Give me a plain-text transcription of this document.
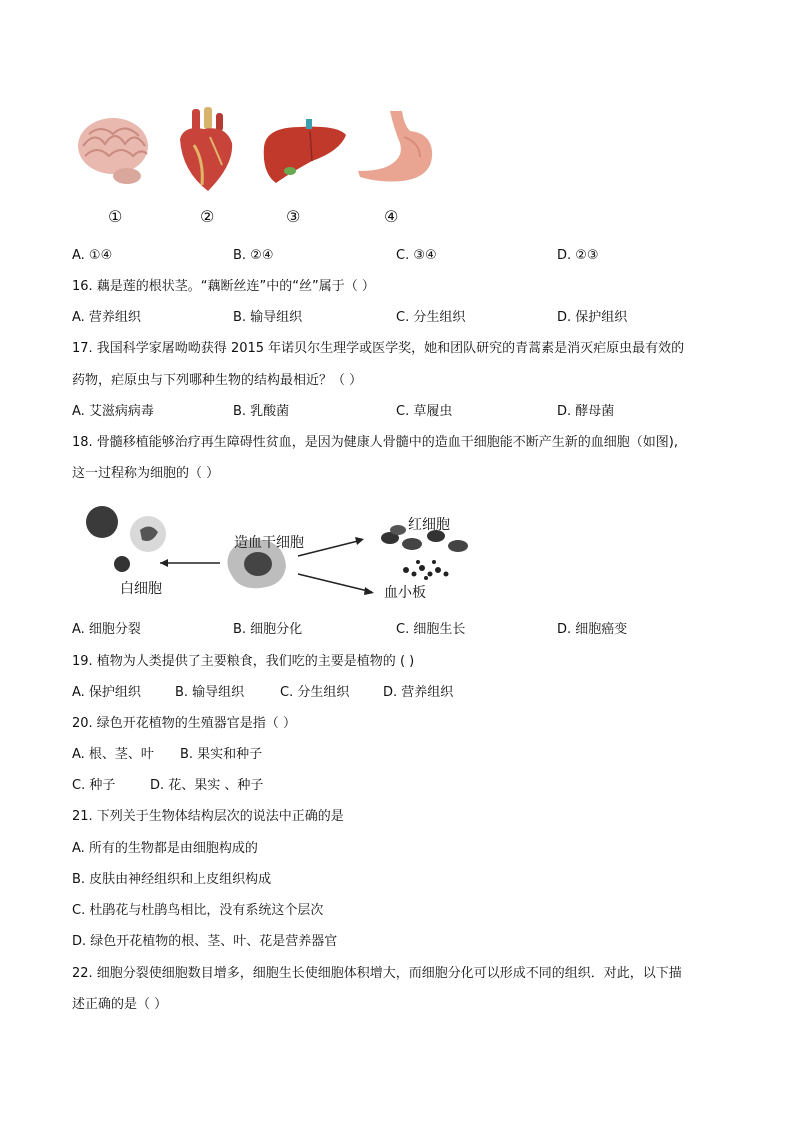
①	②	③	④
A. ①④	B. ②④	C. ③④	D. ②③
16. 藕是莲的根状茎。“藕断丝连”中的“丝”属于（ ）
A. 营养组织	B. 输导组织	C. 分生组织	D. 保护组织
17. 我国科学家屠呦呦获得 2015 年诺贝尔生理学或医学奖，她和团队研究的青蒿素是消灭疟原虫最有效的
药物，疟原虫与下列哪种生物的结构最相近？（ ）
A. 艾滋病病毒	B. 乳酸菌	C. 草履虫	D. 酵母菌
18. 骨髓移植能够治疗再生障碍性贫血，是因为健康人骨髓中的造血干细胞能不断产生新的血细胞（如图),
这一过程称为细胞的（ ）
造血干细胞
红细胞
白细胞	血小板
A. 细胞分裂	B. 细胞分化	C. 细胞生长	D. 细胞癌变
19. 植物为人类提供了主要粮食，我们吃的主要是植物的 ( )
A. 保护组织	B. 输导组织	C. 分生组织	D. 营养组织
20. 绿色开花植物的生殖器官是指（ ）
A. 根、茎、叶 B. 果实和种子
C. 种子	D. 花、果实 、种子
21. 下列关于生物体结构层次的说法中正确的是
A. 所有的生物都是由细胞构成的
B. 皮肤由神经组织和上皮组织构成
C. 杜鹃花与杜鹃鸟相比，没有系统这个层次
D. 绿色开花植物的根、茎、叶、花是营养器官
22. 细胞分裂使细胞数目增多，细胞生长使细胞体积增大，而细胞分化可以形成不同的组织．对此，以下描
述正确的是（ ）
